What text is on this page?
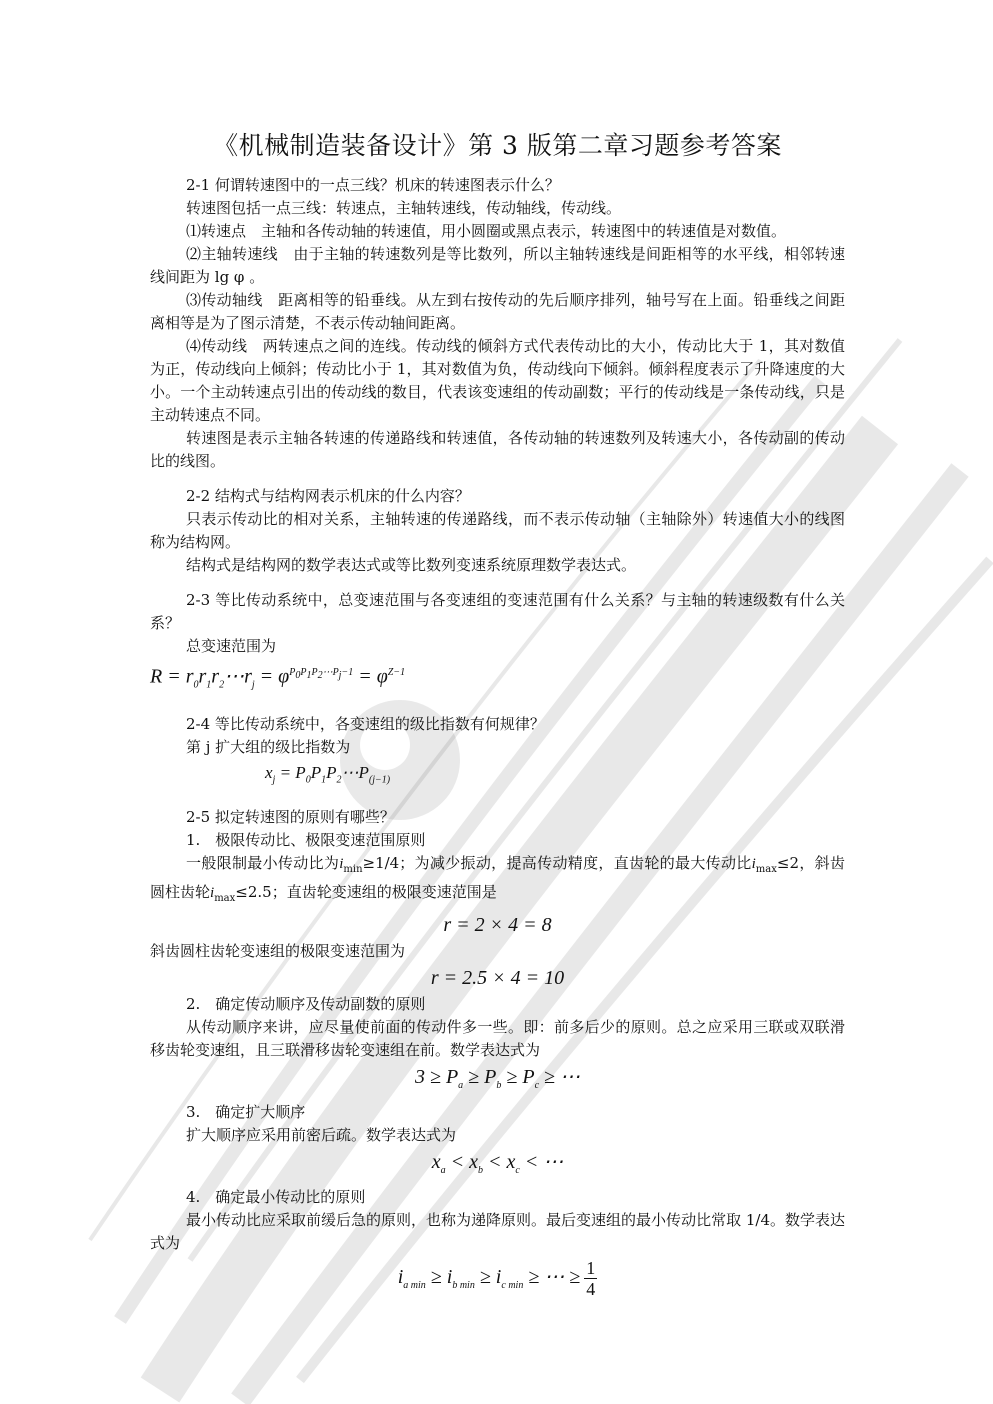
《机械制造装备设计》第 3 版第二章习题参考答案

2-1 何谓转速图中的一点三线？机床的转速图表示什么？

转速图包括一点三线：转速点，主轴转速线，传动轴线，传动线。

⑴转速点　主轴和各传动轴的转速值，用小圆圈或黑点表示，转速图中的转速值是对数值。

⑵主轴转速线　由于主轴的转速数列是等比数列，所以主轴转速线是间距相等的水平线，相邻转速线间距为 lg φ 。

⑶传动轴线　距离相等的铅垂线。从左到右按传动的先后顺序排列，轴号写在上面。铅垂线之间距离相等是为了图示清楚，不表示传动轴间距离。

⑷传动线　两转速点之间的连线。传动线的倾斜方式代表传动比的大小，传动比大于 1，其对数值为正，传动线向上倾斜；传动比小于 1，其对数值为负，传动线向下倾斜。倾斜程度表示了升降速度的大小。一个主动转速点引出的传动线的数目，代表该变速组的传动副数；平行的传动线是一条传动线，只是主动转速点不同。

转速图是表示主轴各转速的传递路线和转速值，各传动轴的转速数列及转速大小，各传动副的传动比的线图。

2-2 结构式与结构网表示机床的什么内容？

只表示传动比的相对关系，主轴转速的传递路线，而不表示传动轴（主轴除外）转速值大小的线图称为结构网。

结构式是结构网的数学表达式或等比数列变速系统原理数学表达式。

2-3 等比传动系统中，总变速范围与各变速组的变速范围有什么关系？与主轴的转速级数有什么关系？

总变速范围为

$R = r_0r_1r_2\cdots r_j = \varphi^{P_0P_1P_2\cdots P_j-1} = \varphi^{Z-1}$

2-4 等比传动系统中，各变速组的级比指数有何规律？

第 j 扩大组的级比指数为

$x_j$ = $P_0P_1P_2\cdots P_{(j-1)}$

2-5 拟定转速图的原则有哪些？

1.　极限传动比、极限变速范围原则

一般限制最小传动比为$i_{min}\ge 1/4$；为减少振动，提高传动精度，直齿轮的最大传动比$i_{max}\le 2$，斜齿圆柱齿轮$i_{max}\le 2.5$；直齿轮变速组的极限变速范围是

r = 2 × 4 = 8

斜齿圆柱齿轮变速组的极限变速范围为

r = 2.5 × 4 = 10

2.　确定传动顺序及传动副数的原则

从传动顺序来讲，应尽量使前面的传动件多一些。即：前多后少的原则。总之应采用三联或双联滑移齿轮变速组，且三联滑移齿轮变速组在前。数学表达式为

$3 \ge P_a \ge P_b \ge P_c$ ≥ ⋯

3.　确定扩大顺序

扩大顺序应采用前密后疏。数学表达式为

$x_a < x_b < x_c$ < ⋯

4.　确定最小传动比的原则

最小传动比应采取前缓后急的原则，也称为递降原则。最后变速组的最小传动比常取 1/4。数学表达式为

$i_{a min} \ge i_{b min} \ge i_{c min}$ ≥ ⋯ ≥ $\frac{1}{4}$
